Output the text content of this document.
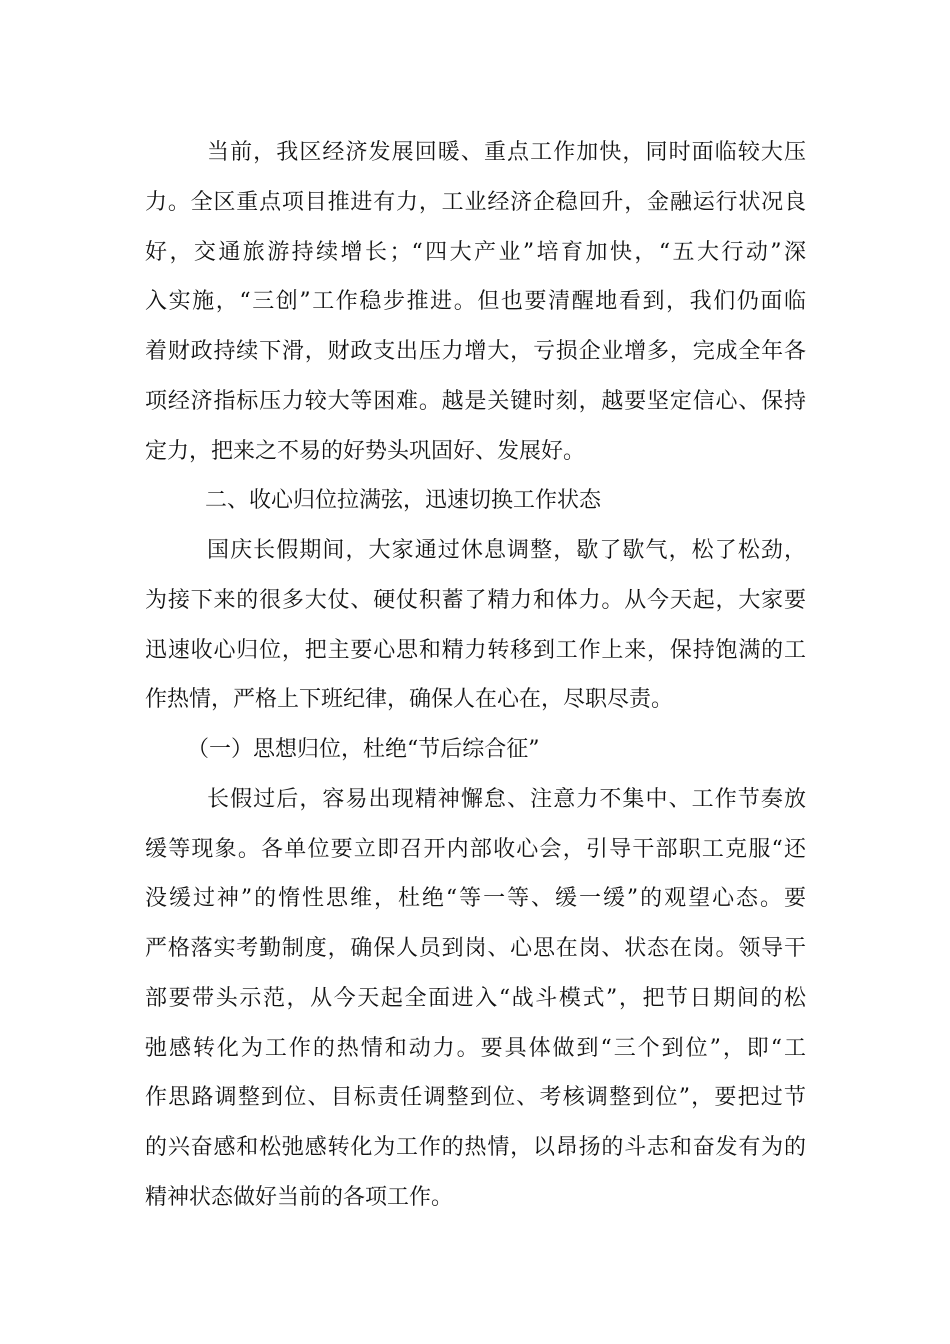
当前，我区经济发展回暖、重点工作加快，同时面临较大压
力。全区重点项目推进有力，工业经济企稳回升，金融运行状况良
好，交通旅游持续增长；“四大产业”培育加快，“五大行动”深
入实施，“三创”工作稳步推进。但也要清醒地看到，我们仍面临
着财政持续下滑，财政支出压力增大，亏损企业增多，完成全年各
项经济指标压力较大等困难。越是关键时刻，越要坚定信心、保持
定力，把来之不易的好势头巩固好、发展好。
二、收心归位拉满弦，迅速切换工作状态
国庆长假期间，大家通过休息调整，歇了歇气，松了松劲，
为接下来的很多大仗、硬仗积蓄了精力和体力。从今天起，大家要
迅速收心归位，把主要心思和精力转移到工作上来，保持饱满的工
作热情，严格上下班纪律，确保人在心在，尽职尽责。
（一）思想归位，杜绝“节后综合征”
长假过后，容易出现精神懈怠、注意力不集中、工作节奏放
缓等现象。各单位要立即召开内部收心会，引导干部职工克服“还
没缓过神”的惰性思维，杜绝“等一等、缓一缓”的观望心态。要
严格落实考勤制度，确保人员到岗、心思在岗、状态在岗。领导干
部要带头示范，从今天起全面进入“战斗模式”，把节日期间的松
弛感转化为工作的热情和动力。要具体做到“三个到位”，即“工
作思路调整到位、目标责任调整到位、考核调整到位”，要把过节
的兴奋感和松弛感转化为工作的热情，以昂扬的斗志和奋发有为的
精神状态做好当前的各项工作。
